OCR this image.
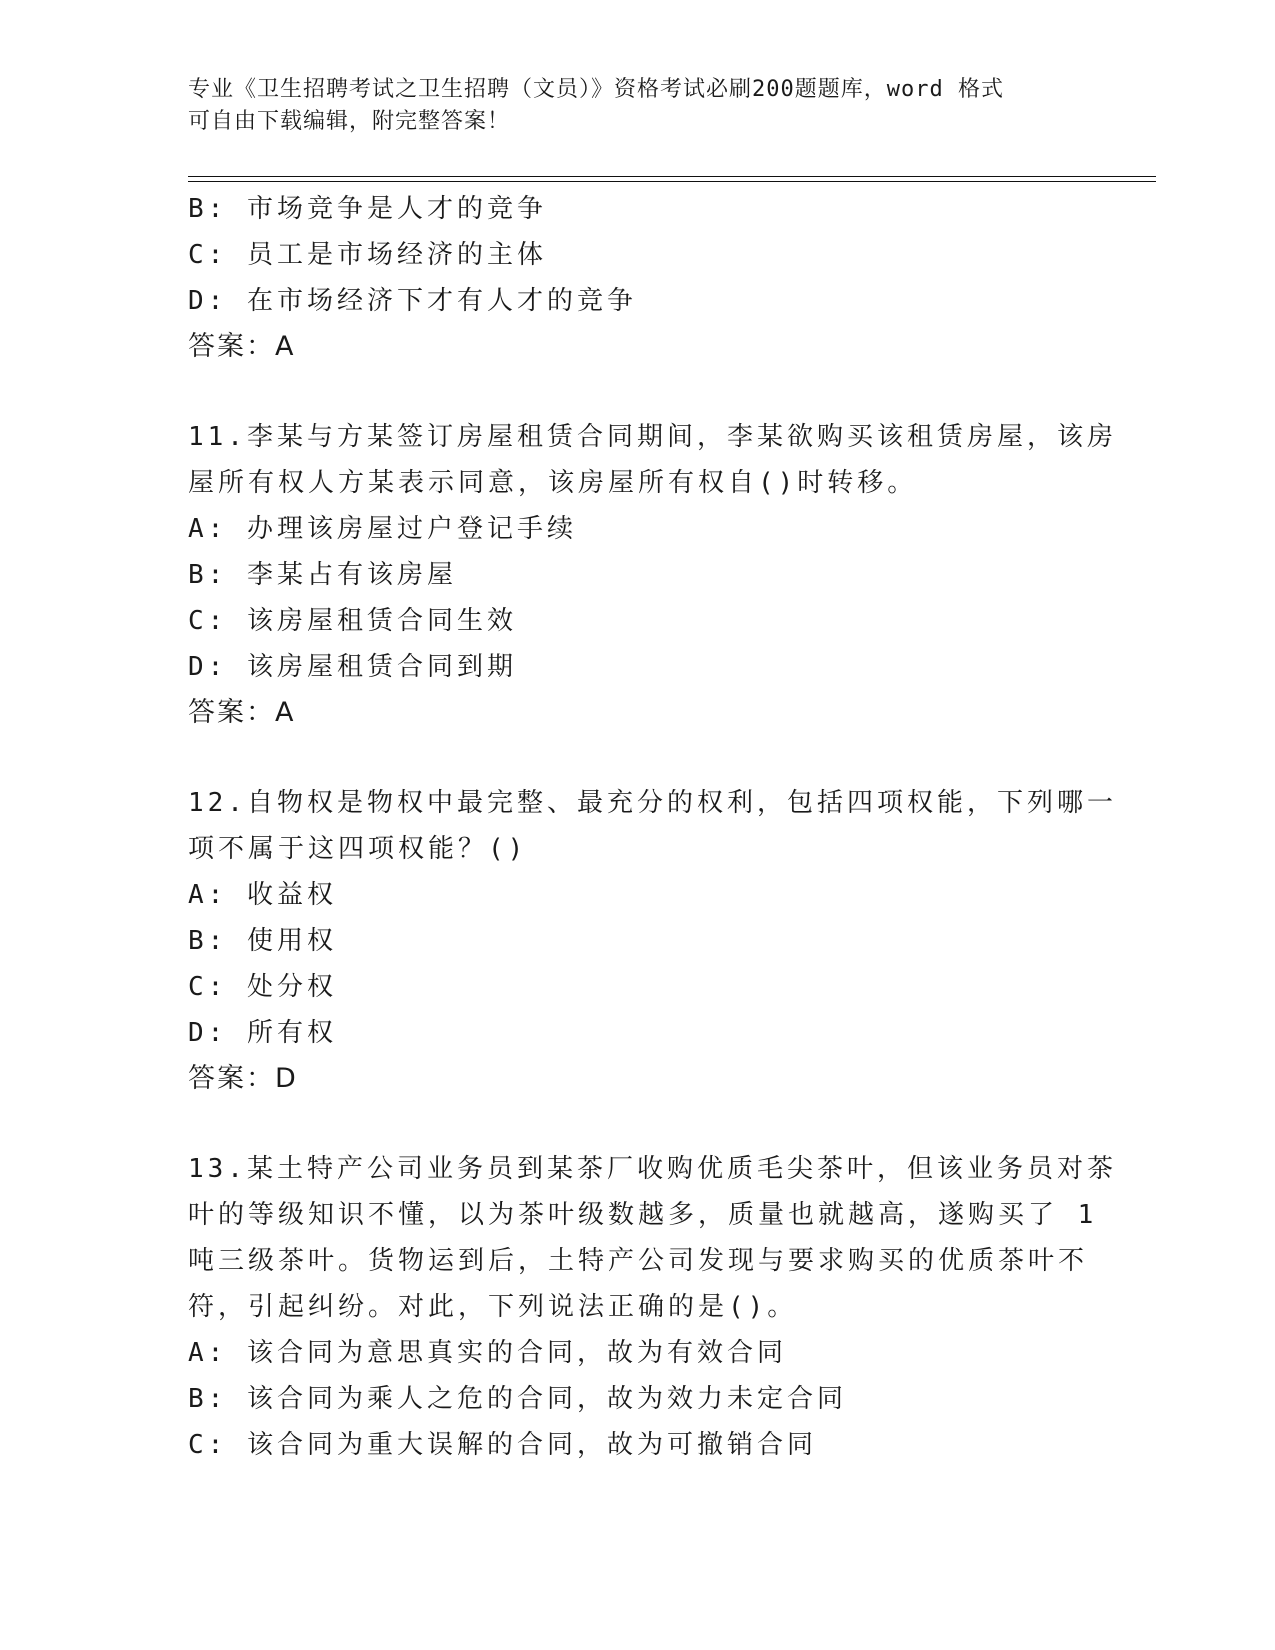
专业《卫生招聘考试之卫生招聘（文员）》资格考试必刷200题题库，word 格式
可自由下载编辑，附完整答案！
B: 市场竞争是人才的竞争
C: 员工是市场经济的主体
D: 在市场经济下才有人才的竞争
答案：A
11.李某与方某签订房屋租赁合同期间，李某欲购买该租赁房屋，该房
屋所有权人方某表示同意，该房屋所有权自()时转移。
A: 办理该房屋过户登记手续
B: 李某占有该房屋
C: 该房屋租赁合同生效
D: 该房屋租赁合同到期
答案：A
12.自物权是物权中最完整、最充分的权利，包括四项权能，下列哪一
项不属于这四项权能？()
A: 收益权
B: 使用权
C: 处分权
D: 所有权
答案：D
13.某土特产公司业务员到某茶厂收购优质毛尖茶叶，但该业务员对茶
叶的等级知识不懂，以为茶叶级数越多，质量也就越高，遂购买了 1
吨三级茶叶。货物运到后，土特产公司发现与要求购买的优质茶叶不
符，引起纠纷。对此，下列说法正确的是()。
A: 该合同为意思真实的合同，故为有效合同
B: 该合同为乘人之危的合同，故为效力未定合同
C: 该合同为重大误解的合同，故为可撤销合同
